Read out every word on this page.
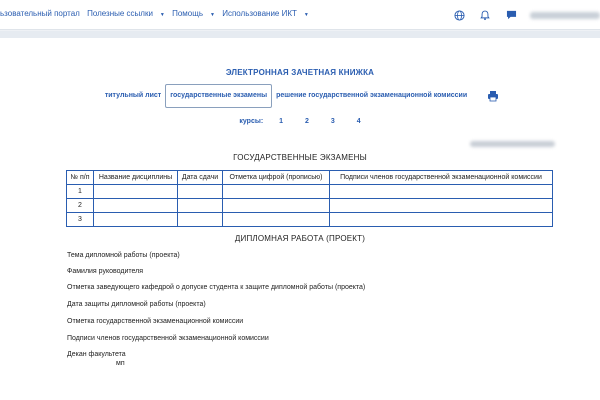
ьзовательный портал Полезные ссылки ▼ Помощь ▼ Использование ИКТ ▼
ЭЛЕКТРОННАЯ ЗАЧЕТНАЯ КНИЖКА
титульный лист	государственные экзамены	решение государственной экзаменационной комиссии
курсы: 1	2	3	4
ГОСУДАРСТВЕННЫЕ ЭКЗАМЕНЫ
№ п/п	Название дисциплины	Дата сдачи	Отметка цифрой (прописью)	Подписи членов государственной экзаменационной комиссии
1				
2				
3				
ДИПЛОМНАЯ РАБОТА (ПРОЕКТ)
Тема дипломной работы (проекта)
Фамилия руководителя
Отметка заведующего кафедрой о допуске студента к защите дипломной работы (проекта)
Дата защиты дипломной работы (проекта)
Отметка государственной экзаменационной комиссии
Подписи членов государственной экзаменационной комиссии
Декан факультета
мп
